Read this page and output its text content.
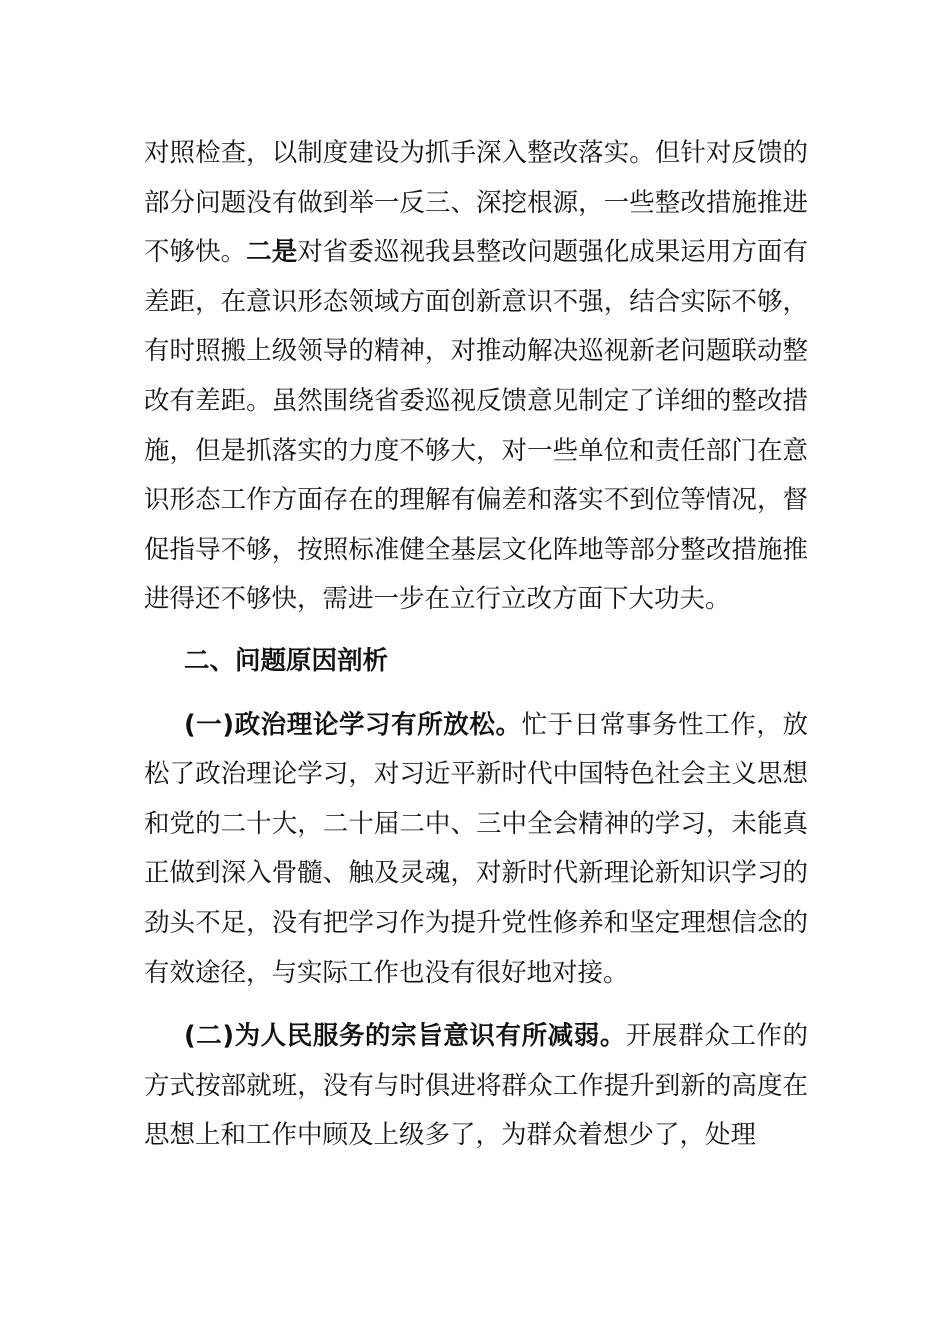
对照检查，以制度建设为抓手深入整改落实。但针对反馈的部分问题没有做到举一反三、深挖根源，一些整改措施推进不够快。二是对省委巡视我县整改问题强化成果运用方面有差距，在意识形态领域方面创新意识不强，结合实际不够，有时照搬上级领导的精神，对推动解决巡视新老问题联动整改有差距。虽然围绕省委巡视反馈意见制定了详细的整改措施，但是抓落实的力度不够大，对一些单位和责任部门在意识形态工作方面存在的理解有偏差和落实不到位等情况，督促指导不够，按照标准健全基层文化阵地等部分整改措施推进得还不够快，需进一步在立行立改方面下大功夫。

二、问题原因剖析

(一)政治理论学习有所放松。忙于日常事务性工作，放松了政治理论学习，对习近平新时代中国特色社会主义思想和党的二十大，二十届二中、三中全会精神的学习，未能真正做到深入骨髓、触及灵魂，对新时代新理论新知识学习的劲头不足，没有把学习作为提升党性修养和坚定理想信念的有效途径，与实际工作也没有很好地对接。

(二)为人民服务的宗旨意识有所减弱。开展群众工作的方式按部就班，没有与时俱进将群众工作提升到新的高度在思想上和工作中顾及上级多了，为群众着想少了，处理
